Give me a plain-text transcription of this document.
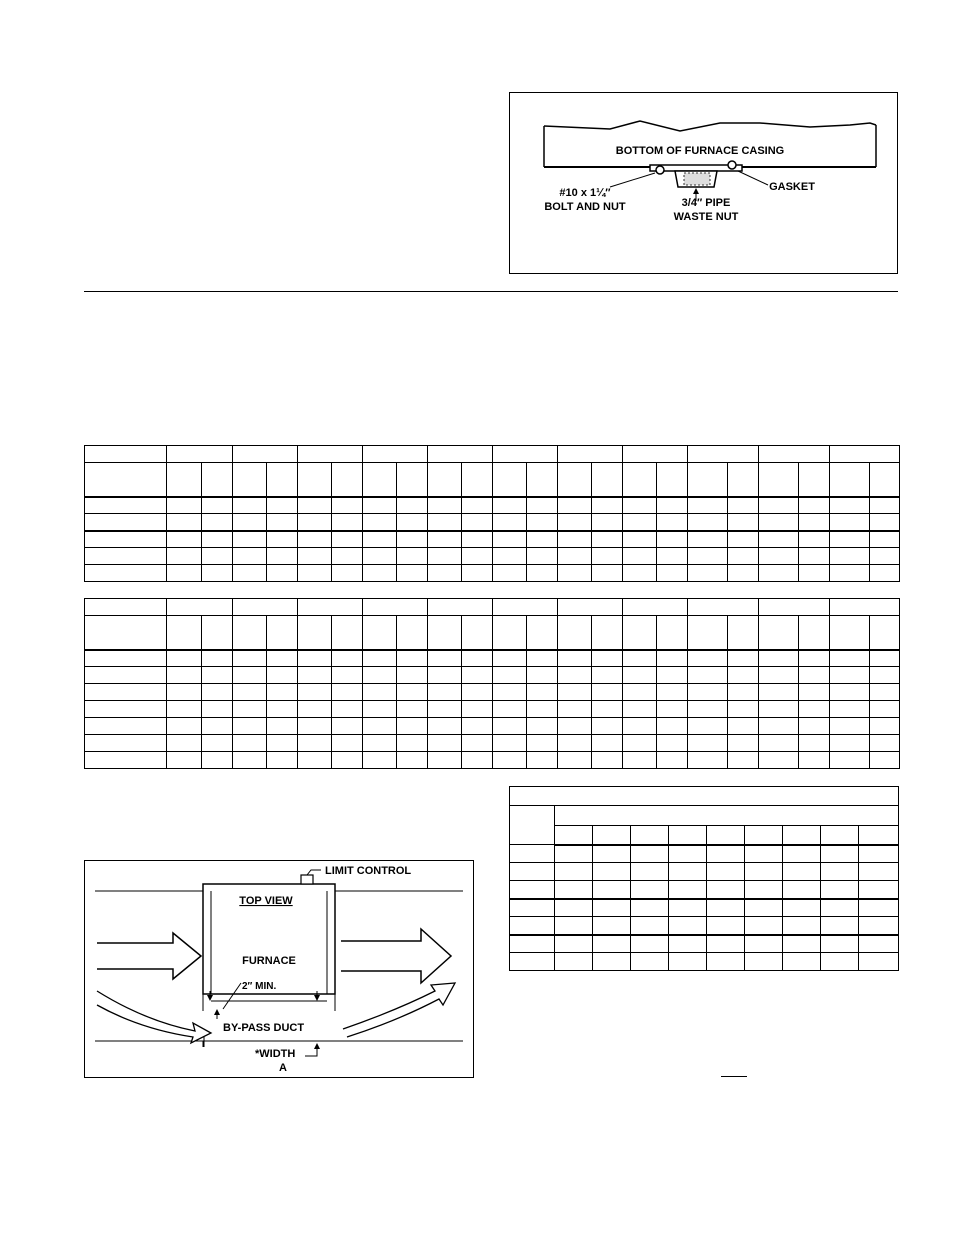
BOTTOM OF FURNACE CASING
#10 x 1¼″
BOLT AND NUT	3/4″ PIPE
WASTE NUT
GASKET

LIMIT CONTROL
TOP VIEW
FURNACE
2″ MIN.
BY-PASS DUCT
*WIDTH
A
